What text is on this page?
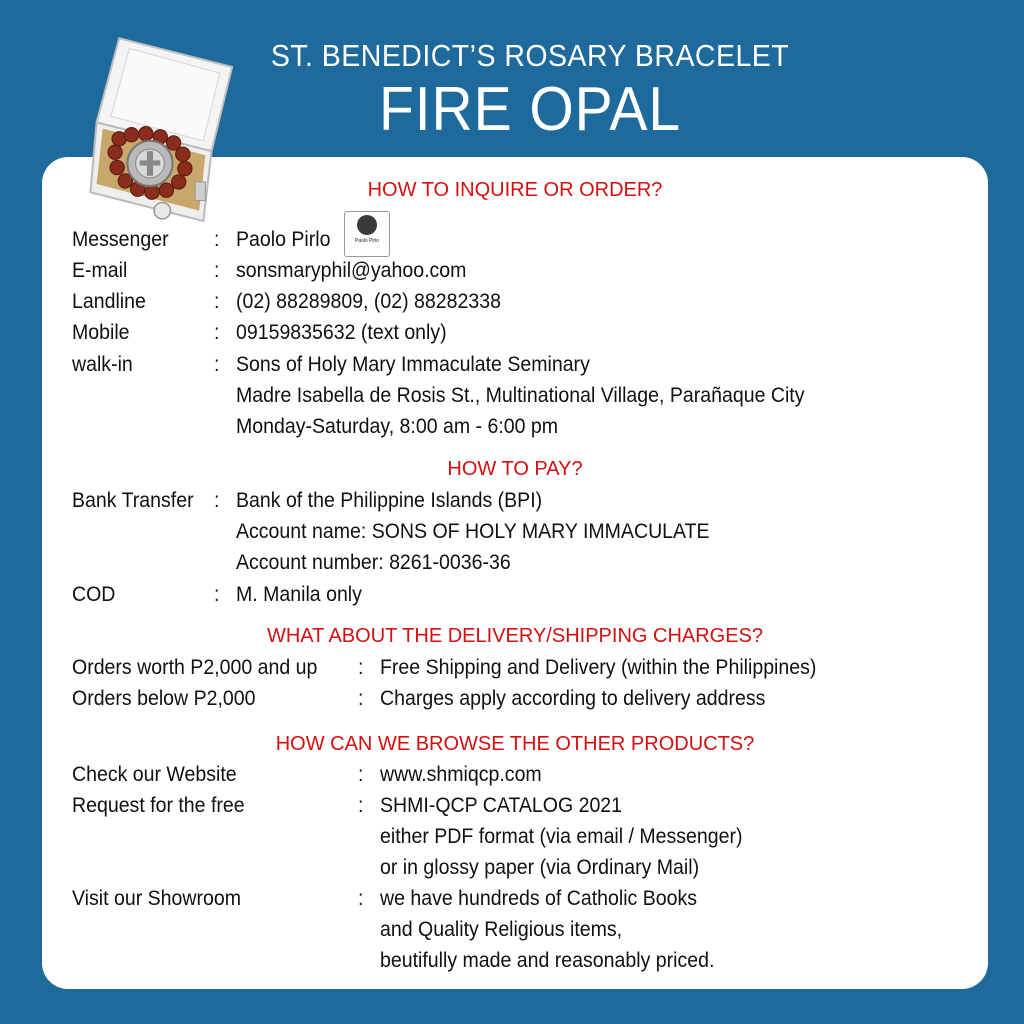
ST. BENEDICT’S ROSARY BRACELET
FIRE OPAL
HOW TO INQUIRE OR ORDER?
Messenger : Paolo Pirlo	Paolo Pirlo
E-mail	: sonsmaryphil@yahoo.com
Landline	: (02) 88289809, (02) 88282338
Mobile	: 09159835632 (text only)
walk-in	: Sons of Holy Mary Immaculate Seminary
Madre Isabella de Rosis St., Multinational Village, Parañaque City
Monday-Saturday, 8:00 am - 6:00 pm
HOW TO PAY?
Bank Transfer : Bank of the Philippine Islands (BPI)
Account name: SONS OF HOLY MARY IMMACULATE
Account number: 8261-0036-36
COD	: M. Manila only
WHAT ABOUT THE DELIVERY/SHIPPING CHARGES?
Orders worth P2,000 and up : Free Shipping and Delivery (within the Philippines)
Orders below P2,000	: Charges apply according to delivery address
HOW CAN WE BROWSE THE OTHER PRODUCTS?
Check our Website	: www.shmiqcp.com
Request for the free	: SHMI-QCP CATALOG 2021
either PDF format (via email / Messenger)
or in glossy paper (via Ordinary Mail)
Visit our Showroom	: we have hundreds of Catholic Books
and Quality Religious items,
beutifully made and reasonably priced.
